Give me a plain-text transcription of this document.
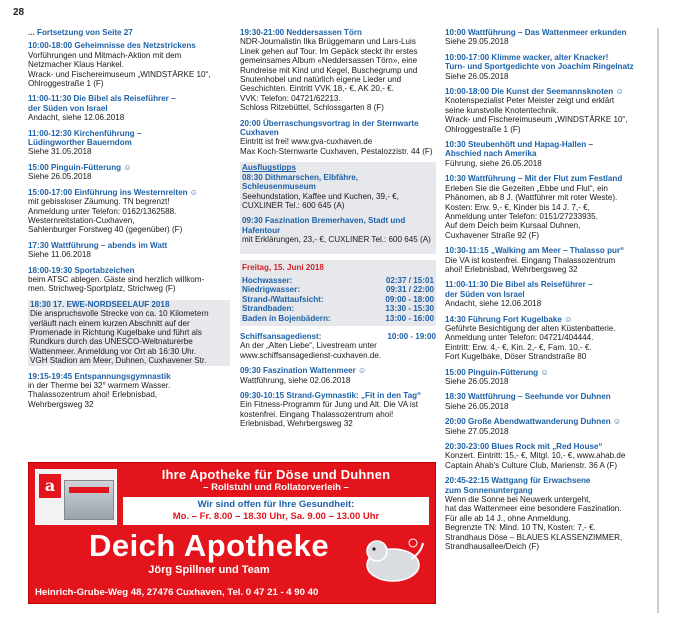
28
... Fortsetzung von Seite 27
10:00-18:00 Geheimnisse des Netzstrickens
Vorführungen und Mitmach-Aktion mit dem
Netzmacher Klaus Hankel.
Wrack- und Fischereimuseum „WINDSTÄRKE 10“,
Ohlroggestraße 1 (F)
11:00-11:30 Die Bibel als Reiseführer –
der Süden von Israel
Andacht, siehe 12.06.2018
11:00-12:30 Kirchenführung –
Lüdingworther Bauerndom
Siehe 31.05.2018
15:00 Pinguin-Fütterung ☺
Siehe 26.05.2018
15:00-17:00 Einführung ins Westernreiten ☺
mit gebissloser Zäumung. TN begrenzt!
Anmeldung unter Telefon: 0162/1362588.
Westernreitstation-Cuxhaven,
Sahlenburger Forstweg 40 (gegenüber) (F)
17:30 Wattführung – abends im Watt
Siehe 11.06.2018
18:00-19:30 Sportabzeichen
beim ATSC ablegen. Gäste sind herzlich willkom-
men. Strichweg-Sportplatz, Strichweg (F)
18:30 17. EWE-NORDSEELAUF 2018
Die anspruchsvolle Strecke von ca. 10 Kilometern
verläuft nach einem kurzen Abschnitt auf der
Promenade in Richtung Kugelbake und führt als
Rundkurs durch das UNESCO-Weltnaturerbe
Wattenmeer. Anmeldung vor Ort ab 16:30 Uhr.
VGH Stadion am Meer, Duhnen, Cuxhavener Str.
19:15-19:45 Entspannungsgymnastik
in der Therme bei 32° warmem Wasser.
Thalassozentrum ahoi! Erlebnisbad,
Wehrbergsweg 32
19:30-21:00 Neddersassen Törn
NDR-Journalistin Ilka Brüggemann und Lars-Luis
Linek gehen auf Tour. Im Gepäck steckt ihr erstes
gemeinsames Album «Neddersassen Törn», eine
Rundreise mit Kind und Kegel, Buschegrump und
Snutenhobel und natürlich eigene Lieder und
Geschichten. Eintritt VVK 18,- €, AK 20,- €.
VVK: Telefon: 04721/62213.
Schloss Ritzebüttel, Schlossgarten 8 (F)
20:00 Überraschungsvortrag in der Sternwarte
Cuxhaven
Eintritt ist frei! www.gva-cuxhaven.de
Max Koch-Sternwarte Cuxhaven, Pestalozzistr. 44 (F)
Ausflugstipps
08:30 Dithmarschen, Elbfähre, Schleusenmuseum
Seehundstation, Kaffee und Kuchen, 39,- €,
CUXLINER Tel.: 600 645 (A)
09:30 Faszination Bremerhaven, Stadt und Hafentour
mit Erklärungen, 23,- €, CUXLINER Tel.: 600 645 (A)
Freitag, 15. Juni 2018
Hochwasser:	02:37 / 15:01
Niedrigwasser:	09:31 / 22:00
Strand-/Wattaufsicht:	09:00 - 18:00
Strandbaden:	13:30 - 15:30
Baden in Bojenbädern:	13:00 - 16:00
Schiffsansagedienst:	10:00 - 19:00
An der „Alten Liebe“, Livestream unter
www.schiffsansagedienst-cuxhaven.de.
09:30 Faszination Wattenmeer ☺
Wattführung, siehe 02.06.2018
09:30-10:15 Strand-Gymnastik: „Fit in den Tag“
Ein Fitness-Programm für Jung und Alt. Die VA ist
kostenfrei. Eingang Thalassozentrum ahoi!
Erlebnisbad, Wehrbergsweg 32
10:00 Wattführung – Das Wattenmeer erkunden
Siehe 29.05.2018
10:00-17:00 Klimme wacker, alter Knacker!
Turn- und Sportgedichte von Joachim Ringelnatz
Siehe 26.05.2018
10:00-18:00 Die Kunst der Seemannsknoten ☺
Knotenspezialist Peter Meister zeigt und erklärt
seine kunstvolle Knotentechnik.
Wrack- und Fischereimuseum „WINDSTÄRKE 10“,
Ohlroggestraße 1 (F)
10:30 Steubenhöft und Hapag-Hallen –
Abschied nach Amerika
Führung, siehe 26.05.2018
10:30 Wattführung – Mit der Flut zum Festland
Erleben Sie die Gezeiten „Ebbe und Flut“, ein
Phänomen, ab 8 J. (Wattführer mit roter Weste).
Kosten: Erw. 9,- €, Kinder bis 14 J. 7,- €,
Anmeldung unter Telefon: 0151/27233935.
Auf dem Deich beim Kursaal Duhnen,
Cuxhavener Straße 92 (F)
10:30-11:15 „Walking am Meer – Thalasso pur“
Die VA ist kostenfrei. Eingang Thalassozentrum
ahoi! Erlebnisbad, Wehrbergsweg 32
11:00-11:30 Die Bibel als Reiseführer –
der Süden von Israel
Andacht, siehe 12.06.2018
14:30 Führung Fort Kugelbake ☺
Geführte Besichtigung der alten Küstenbatterie.
Anmeldung unter Telefon: 04721/404444.
Eintritt: Erw. 4,- €, Kin. 2,- €, Fam. 10,- €.
Fort Kugelbake, Döser Strandstraße 80
15:00 Pinguin-Fütterung ☺
Siehe 26.05.2018
18:30 Wattführung – Seehunde vor Duhnen
Siehe 26.05.2018
20:00 Große Abendwattwanderung Duhnen ☺
Siehe 27.05.2018
20:30-23:00 Blues Rock mit „Red House“
Konzert. Eintritt: 15,- €, Mitgl. 10,- €, www.ahab.de
Captain Ahab's Culture Club, Marienstr. 36 A (F)
20:45-22:15 Wattgang für Erwachsene
zum Sonnenuntergang
Wenn die Sonne bei Neuwerk untergeht,
hat das Wattenmeer eine besondere Faszination.
Für alle ab 14 J., ohne Anmeldung.
Begrenzte TN: Mind. 10 TN, Kosten: 7,- €.
Strandhaus Döse – BLAUES KLASSENZIMMER,
Strandhausallee/Deich (F)
a
Ihre Apotheke für Döse und Duhnen
– Rollstuhl und Rollatorverleih –
Wir sind offen für Ihre Gesundheit:
Mo. – Fr. 8.00 – 18.30 Uhr, Sa. 9.00 – 13.00 Uhr
Deich Apotheke
Jörg Spillner und Team
Heinrich-Grube-Weg 48, 27476 Cuxhaven, Tel. 0 47 21 - 4 90 40
